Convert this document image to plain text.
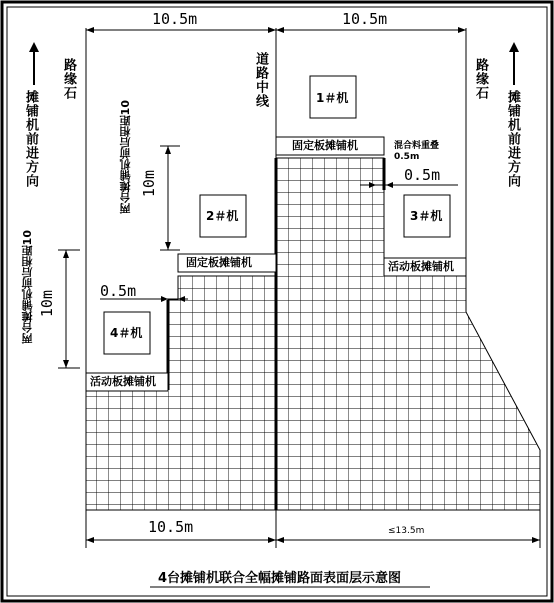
10.5m	10.5m
10.5m	≤13.5m
0.5m
0.5m
10m
10m
路缘石	路缘石
道路中线
摊铺机前进方向	摊铺机前进方向
两台摊铺机前后相距10
两台摊铺机前后相距10	混合料重叠0.5m
1＃机
2＃机	3＃机
4＃机
固定板摊铺机
固定板摊铺机	活动板摊铺机
活动板摊铺机
4台摊铺机联合全幅摊铺路面表面层示意图
